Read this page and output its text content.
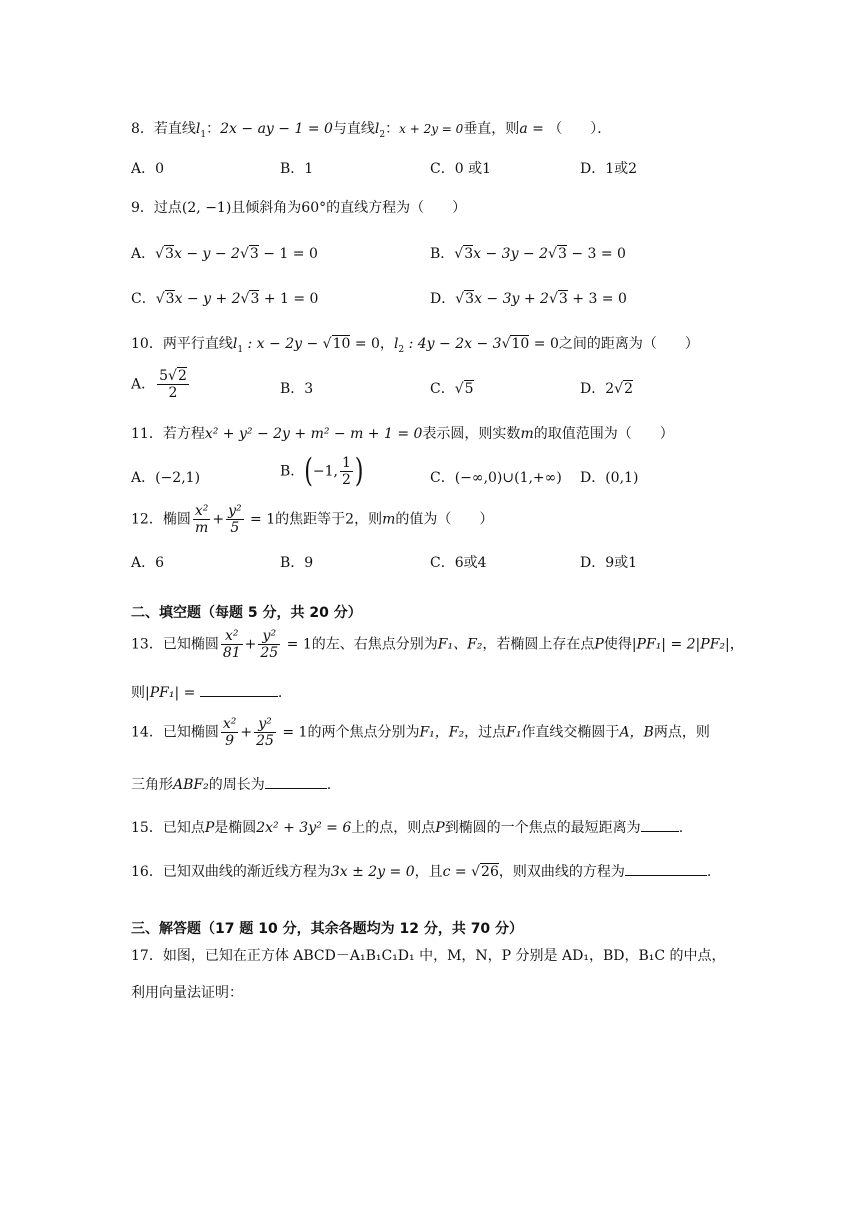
8．若直线$l_1$：2x − ay − 1 = 0与直线$l_2$：x + 2y = 0垂直，则a = （　　）．
A．0	B．1	C．0 或1	D．1或2
9．过点(2, −1)且倾斜角为60°的直线方程为（　　）
A．√3x − y − 2√3 − 1 = 0	B．√3x − 3y − 2√3 − 3 = 0
C．√3x − y + 2√3 + 1 = 0	D．√3x − 3y + 2√3 + 3 = 0
10．两平行直线$l_1$ : x − 2y − √10 = 0，$l_2$ : 4y − 2x − 3√10 = 0之间的距离为（　　）
A． $\frac{5√2}{2}$	B．3	C．√5	D．2√2
11．若方程x² + y² − 2y + m² − m + 1 = 0表示圆，则实数m的取值范围为（　　）
A．(−2,1)	B．(−1, $\frac{1}{2}$ )	C．(−∞,0)∪(1,+∞) D．(0,1)
12．椭圆 $\frac{\text{x²}}{m} + \frac{\text{y²}}{5} = 1$的焦距等于2，则m的值为（　　）
A．6	B．9	C．6或4	D．9或1
二、填空题（每题 5 分，共 20 分）
13．已知椭圆 $\frac{\text{x²}}{81} + \frac{\text{y²}}{25} = 1$的左、右焦点分别为F₁、F₂，若椭圆上存在点P使得|PF₁| = 2|PF₂|，
则|PF₁| =	.
14．已知椭圆 $\frac{\text{x²}}{9} + \frac{\text{y²}}{25} = 1$的两个焦点分别为F₁，F₂，过点F₁作直线交椭圆于A，B两点，则
三角形ABF₂的周长为	.
15．已知点P是椭圆2x² + 3y² = 6上的点，则点P到椭圆的一个焦点的最短距离为	.
16．已知双曲线的渐近线方程为3x ± 2y = 0，且c = √26，则双曲线的方程为	.
三、解答题（17 题 10 分，其余各题均为 12 分，共 70 分）
17．如图，已知在正方体 ABCD－A₁B₁C₁D₁ 中，M，N，P 分别是 AD₁，BD，B₁C 的中点，
利用向量法证明：
